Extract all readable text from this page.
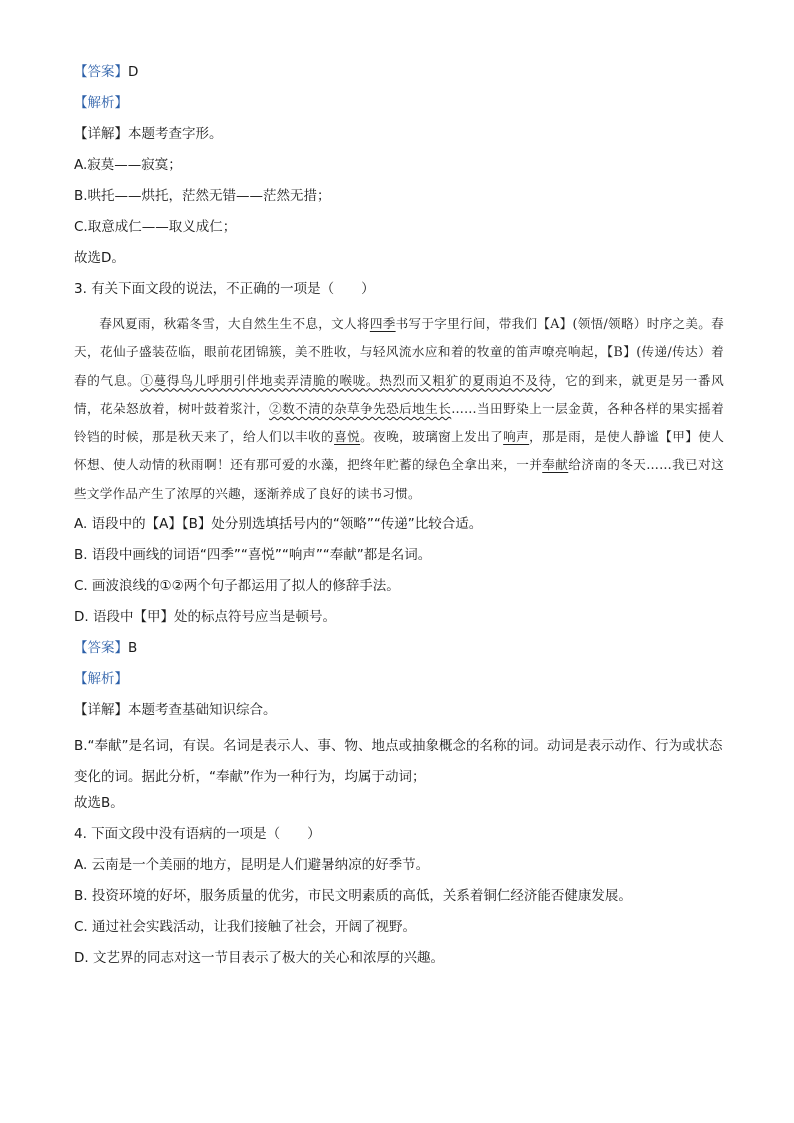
【答案】D
【解析】
【详解】本题考查字形。
A.寂莫——寂寞；
B.哄托——烘托，茫然无错——茫然无措；
C.取意成仁——取义成仁；
故选D。
3. 有关下面文段的说法，不正确的一项是（　　）

春风夏雨，秋霜冬雪，大自然生生不息，文人将四季书写于字里行间，带我们【A】(领悟/领略）时序之美。春天，花仙子盛装莅临，眼前花团锦簇，美不胜收，与轻风流水应和着的牧童的笛声嘹亮响起，【B】(传递/传达）着春的气息。①蔓得鸟儿呼朋引伴地卖弄清脆的喉咙。热烈而又粗犷的夏雨迫不及待，它的到来，就更是另一番风情，花朵怒放着，树叶鼓着浆汁，②数不清的杂草争先恐后地生长……当田野染上一层金黄，各种各样的果实摇着铃铛的时候，那是秋天来了，给人们以丰收的喜悦。夜晚，玻璃窗上发出了响声，那是雨，是使人静谧【甲】使人怀想、使人动情的秋雨啊！还有那可爱的水藻，把终年贮蓄的绿色全拿出来，一并奉献给济南的冬天……我已对这些文学作品产生了浓厚的兴趣，逐渐养成了良好的读书习惯。

A. 语段中的【A】【B】处分别选填括号内的“领略”“传递”比较合适。
B. 语段中画线的词语“四季”“喜悦”“响声”“奉献”都是名词。
C. 画波浪线的①②两个句子都运用了拟人的修辞手法。
D. 语段中【甲】处的标点符号应当是顿号。
【答案】B
【解析】
【详解】本题考查基础知识综合。
B.“奉献”是名词，有误。名词是表示人、事、物、地点或抽象概念的名称的词。动词是表示动作、行为或状态变化的词。据此分析，“奉献”作为一种行为，均属于动词；
故选B。
4. 下面文段中没有语病的一项是（　　）
A. 云南是一个美丽的地方，昆明是人们避暑纳凉的好季节。
B. 投资环境的好坏，服务质量的优劣，市民文明素质的高低，关系着铜仁经济能否健康发展。
C. 通过社会实践活动，让我们接触了社会，开阔了视野。
D. 文艺界的同志对这一节目表示了极大的关心和浓厚的兴趣。
